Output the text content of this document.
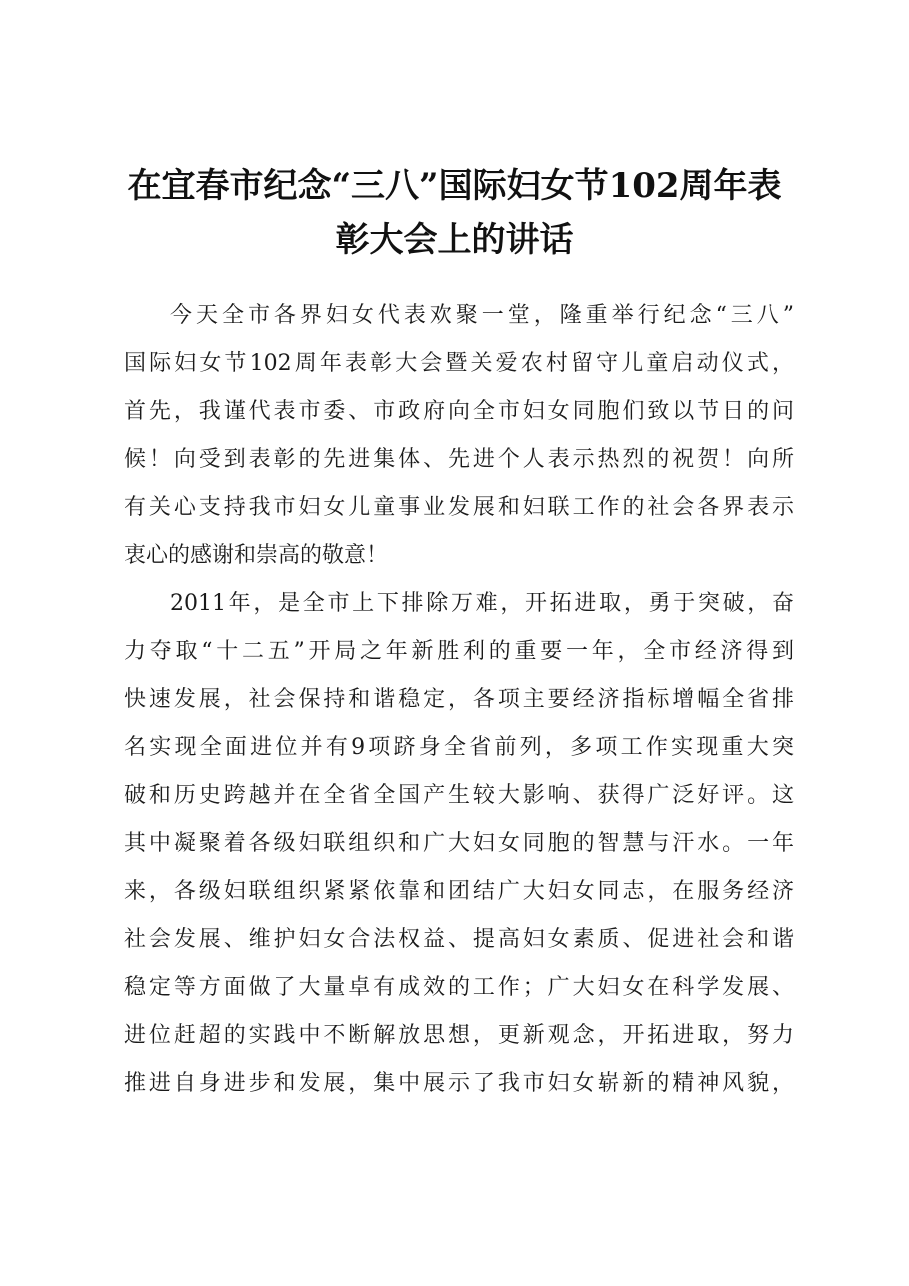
在宜春市纪念“三八”国际妇女节102周年表
彰大会上的讲话
今天全市各界妇女代表欢聚一堂，隆重举行纪念“三八”
国际妇女节102周年表彰大会暨关爱农村留守儿童启动仪式，
首先，我谨代表市委、市政府向全市妇女同胞们致以节日的问
候！向受到表彰的先进集体、先进个人表示热烈的祝贺！向所
有关心支持我市妇女儿童事业发展和妇联工作的社会各界表示
衷心的感谢和崇高的敬意！
2011年，是全市上下排除万难，开拓进取，勇于突破，奋
力夺取“十二五”开局之年新胜利的重要一年，全市经济得到
快速发展，社会保持和谐稳定，各项主要经济指标增幅全省排
名实现全面进位并有9项跻身全省前列，多项工作实现重大突
破和历史跨越并在全省全国产生较大影响、获得广泛好评。这
其中凝聚着各级妇联组织和广大妇女同胞的智慧与汗水。一年
来，各级妇联组织紧紧依靠和团结广大妇女同志，在服务经济
社会发展、维护妇女合法权益、提高妇女素质、促进社会和谐
稳定等方面做了大量卓有成效的工作；广大妇女在科学发展、
进位赶超的实践中不断解放思想，更新观念，开拓进取，努力
推进自身进步和发展，集中展示了我市妇女崭新的精神风貌，
